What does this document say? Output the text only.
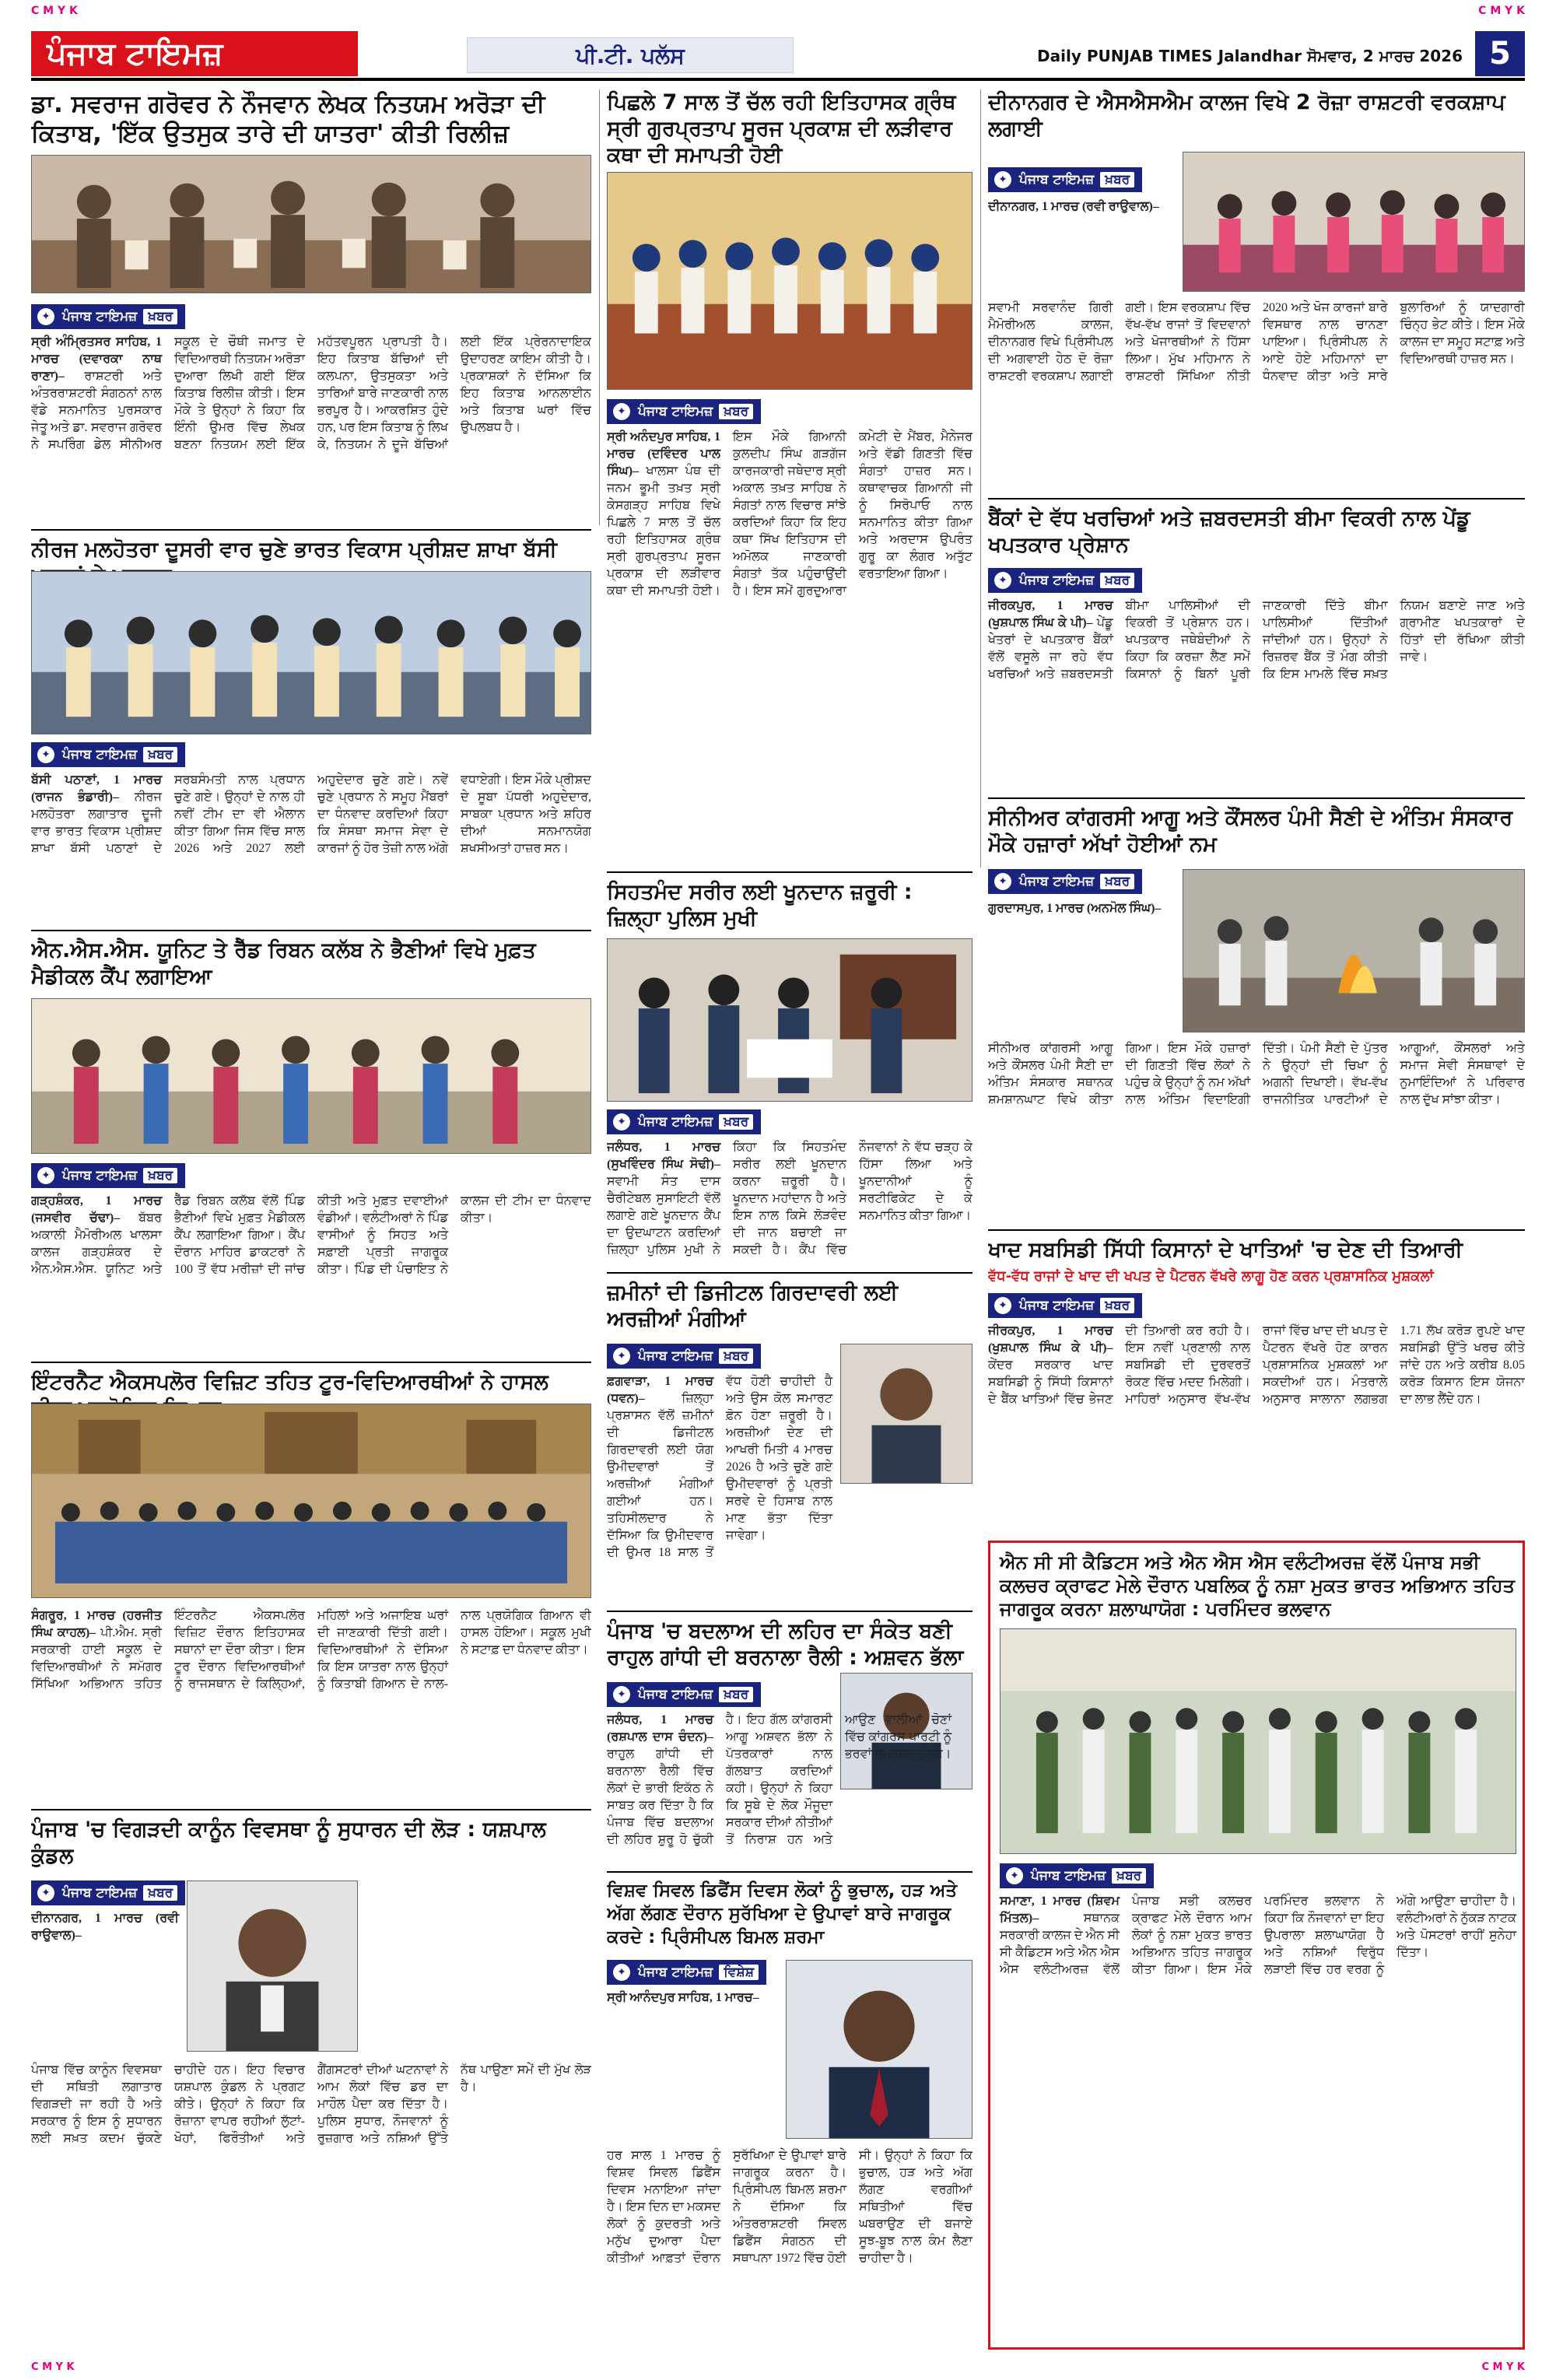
C M Y K	C M Y K
ਪੰਜਾਬ ਟਾਇਮਜ਼	ਪੀ.ਟੀ. ਪਲੱਸ	Daily PUNJAB TIMES Jalandhar ਸੋਮਵਾਰ, 2 ਮਾਰਚ 2026 5
ਡਾ. ਸਵਰਾਜ ਗਰੋਵਰ ਨੇ ਨੌਜਵਾਨ ਲੇਖਕ ਨਿਤਯਮ ਅਰੋੜਾ ਦੀ ਕਿਤਾਬ, 'ਇੱਕ ਉਤਸੁਕ ਤਾਰੇ ਦੀ ਯਾਤਰਾ' ਕੀਤੀ ਰਿਲੀਜ਼
✦ ਪੰਜਾਬ ਟਾਇਮਜ਼ ਖ਼ਬਰ

ਸ੍ਰੀ ਅੰਮ੍ਰਿਤਸਰ ਸਾਹਿਬ, 1 ਮਾਰਚ (ਦਵਾਰਕਾ ਨਾਥ ਰਾਣਾ)– ਰਾਸ਼ਟਰੀ ਅਤੇ ਅੰਤਰਰਾਸ਼ਟਰੀ ਸੰਗਠਨਾਂ ਨਾਲ ਵੱਡੇ ਸਨਮਾਨਿਤ ਪੁਰਸਕਾਰ ਜੇਤੂ ਅਤੇ ਡਾ. ਸਵਰਾਜ ਗਰੋਵਰ ਨੇ ਸਪਰਿੰਗ ਡੇਲ ਸੀਨੀਅਰ ਸਕੂਲ ਦੇ ਚੌਥੀ ਜਮਾਤ ਦੇ ਵਿਦਿਆਰਥੀ ਨਿਤਯਮ ਅਰੋੜਾ ਦੁਆਰਾ ਲਿਖੀ ਗਈ ਇੱਕ ਕਿਤਾਬ ਰਿਲੀਜ਼ ਕੀਤੀ। ਇਸ ਮੌਕੇ ਤੇ ਉਨ੍ਹਾਂ ਨੇ ਕਿਹਾ ਕਿ ਇੰਨੀ ਉਮਰ ਵਿੱਚ ਲੇਖਕ ਬਣਨਾ ਨਿਤਯਮ ਲਈ ਇੱਕ ਮਹੱਤਵਪੂਰਨ ਪ੍ਰਾਪਤੀ ਹੈ। ਇਹ ਕਿਤਾਬ ਬੱਚਿਆਂ ਦੀ ਕਲਪਨਾ, ਉਤਸੁਕਤਾ ਅਤੇ ਤਾਰਿਆਂ ਬਾਰੇ ਜਾਣਕਾਰੀ ਨਾਲ ਭਰਪੂਰ ਹੈ। ਆਕਰਸ਼ਿਤ ਹੁੰਦੇ ਹਨ, ਪਰ ਇਸ ਕਿਤਾਬ ਨੂੰ ਲਿਖ ਕੇ, ਨਿਤਯਮ ਨੇ ਦੂਜੇ ਬੱਚਿਆਂ ਲਈ ਇੱਕ ਪ੍ਰੇਰਨਾਦਾਇਕ ਉਦਾਹਰਣ ਕਾਇਮ ਕੀਤੀ ਹੈ। ਪ੍ਰਕਾਸ਼ਕਾਂ ਨੇ ਦੱਸਿਆ ਕਿ ਇਹ ਕਿਤਾਬ ਆਨਲਾਈਨ ਅਤੇ ਕਿਤਾਬ ਘਰਾਂ ਵਿੱਚ ਉਪਲਬਧ ਹੈ।

ਪਿਛਲੇ 7 ਸਾਲ ਤੋਂ ਚੱਲ ਰਹੀ ਇਤਿਹਾਸਕ ਗ੍ਰੰਥ ਸ੍ਰੀ ਗੁਰਪ੍ਰਤਾਪ ਸੂਰਜ ਪ੍ਰਕਾਸ਼ ਦੀ ਲੜੀਵਾਰ ਕਥਾ ਦੀ ਸਮਾਪਤੀ ਹੋਈ
✦ ਪੰਜਾਬ ਟਾਇਮਜ਼ ਖ਼ਬਰ

ਸ੍ਰੀ ਅਨੰਦਪੁਰ ਸਾਹਿਬ, 1 ਮਾਰਚ (ਦਵਿੰਦਰ ਪਾਲ ਸਿੰਘ)– ਖਾਲਸਾ ਪੰਥ ਦੀ ਜਨਮ ਭੂਮੀ ਤਖ਼ਤ ਸ੍ਰੀ ਕੇਸਗੜ੍ਹ ਸਾਹਿਬ ਵਿਖੇ ਪਿਛਲੇ 7 ਸਾਲ ਤੋਂ ਚੱਲ ਰਹੀ ਇਤਿਹਾਸਕ ਗ੍ਰੰਥ ਸ੍ਰੀ ਗੁਰਪ੍ਰਤਾਪ ਸੂਰਜ ਪ੍ਰਕਾਸ਼ ਦੀ ਲੜੀਵਾਰ ਕਥਾ ਦੀ ਸਮਾਪਤੀ ਹੋਈ। ਇਸ ਮੌਕੇ ਗਿਆਨੀ ਕੁਲਦੀਪ ਸਿੰਘ ਗੜਗੱਜ ਕਾਰਜਕਾਰੀ ਜਥੇਦਾਰ ਸ੍ਰੀ ਅਕਾਲ ਤਖ਼ਤ ਸਾਹਿਬ ਨੇ ਸੰਗਤਾਂ ਨਾਲ ਵਿਚਾਰ ਸਾਂਝੇ ਕਰਦਿਆਂ ਕਿਹਾ ਕਿ ਇਹ ਕਥਾ ਸਿੱਖ ਇਤਿਹਾਸ ਦੀ ਅਮੋਲਕ ਜਾਣਕਾਰੀ ਸੰਗਤਾਂ ਤੱਕ ਪਹੁੰਚਾਉਂਦੀ ਹੈ। ਇਸ ਸਮੇਂ ਗੁਰਦੁਆਰਾ ਕਮੇਟੀ ਦੇ ਮੈਂਬਰ, ਮੈਨੇਜਰ ਅਤੇ ਵੱਡੀ ਗਿਣਤੀ ਵਿੱਚ ਸੰਗਤਾਂ ਹਾਜ਼ਰ ਸਨ। ਕਥਾਵਾਚਕ ਗਿਆਨੀ ਜੀ ਨੂੰ ਸਿਰੋਪਾਓ ਨਾਲ ਸਨਮਾਨਿਤ ਕੀਤਾ ਗਿਆ ਅਤੇ ਅਰਦਾਸ ਉਪਰੰਤ ਗੁਰੂ ਕਾ ਲੰਗਰ ਅਤੁੱਟ ਵਰਤਾਇਆ ਗਿਆ।

ਦੀਨਾਨਗਰ ਦੇ ਐਸਐਸਐਮ ਕਾਲਜ ਵਿਖੇ 2 ਰੋਜ਼ਾ ਰਾਸ਼ਟਰੀ ਵਰਕਸ਼ਾਪ ਲਗਾਈ
✦ ਪੰਜਾਬ ਟਾਇਮਜ਼ ਖ਼ਬਰ

ਦੀਨਾਨਗਰ, 1 ਮਾਰਚ (ਰਵੀ ਰਾਉਵਾਲ)–

ਸਵਾਮੀ ਸਰਵਾਨੰਦ ਗਿਰੀ ਮੈਮੋਰੀਅਲ ਕਾਲਜ, ਦੀਨਾਨਗਰ ਵਿਖੇ ਪ੍ਰਿੰਸੀਪਲ ਦੀ ਅਗਵਾਈ ਹੇਠ ਦੋ ਰੋਜ਼ਾ ਰਾਸ਼ਟਰੀ ਵਰਕਸ਼ਾਪ ਲਗਾਈ ਗਈ। ਇਸ ਵਰਕਸ਼ਾਪ ਵਿੱਚ ਵੱਖ-ਵੱਖ ਰਾਜਾਂ ਤੋਂ ਵਿਦਵਾਨਾਂ ਅਤੇ ਖੋਜਾਰਥੀਆਂ ਨੇ ਹਿੱਸਾ ਲਿਆ। ਮੁੱਖ ਮਹਿਮਾਨ ਨੇ ਰਾਸ਼ਟਰੀ ਸਿੱਖਿਆ ਨੀਤੀ 2020 ਅਤੇ ਖੋਜ ਕਾਰਜਾਂ ਬਾਰੇ ਵਿਸਥਾਰ ਨਾਲ ਚਾਨਣਾ ਪਾਇਆ। ਪ੍ਰਿੰਸੀਪਲ ਨੇ ਆਏ ਹੋਏ ਮਹਿਮਾਨਾਂ ਦਾ ਧੰਨਵਾਦ ਕੀਤਾ ਅਤੇ ਸਾਰੇ ਬੁਲਾਰਿਆਂ ਨੂੰ ਯਾਦਗਾਰੀ ਚਿੰਨ੍ਹ ਭੇਟ ਕੀਤੇ। ਇਸ ਮੌਕੇ ਕਾਲਜ ਦਾ ਸਮੂਹ ਸਟਾਫ਼ ਅਤੇ ਵਿਦਿਆਰਥੀ ਹਾਜ਼ਰ ਸਨ।

ਨੀਰਜ ਮਲਹੋਤਰਾ ਦੂਸਰੀ ਵਾਰ ਚੁਣੇ ਭਾਰਤ ਵਿਕਾਸ ਪ੍ਰੀਸ਼ਦ ਸ਼ਾਖਾ ਬੱਸੀ
✦ ਪੰਜਾਬ ਟਾਇਮਜ਼ ਖ਼ਬਰ

ਬੱਸੀ ਪਠਾਣਾਂ, 1 ਮਾਰਚ (ਰਾਜਨ ਭੰਡਾਰੀ)– ਨੀਰਜ ਮਲਹੋਤਰਾ ਲਗਾਤਾਰ ਦੂਜੀ ਵਾਰ ਭਾਰਤ ਵਿਕਾਸ ਪ੍ਰੀਸ਼ਦ ਸ਼ਾਖਾ ਬੱਸੀ ਪਠਾਣਾਂ ਦੇ ਸਰਬਸੰਮਤੀ ਨਾਲ ਪ੍ਰਧਾਨ ਚੁਣੇ ਗਏ। ਉਨ੍ਹਾਂ ਦੇ ਨਾਲ ਹੀ ਨਵੀਂ ਟੀਮ ਦਾ ਵੀ ਐਲਾਨ ਕੀਤਾ ਗਿਆ ਜਿਸ ਵਿੱਚ ਸਾਲ 2026 ਅਤੇ 2027 ਲਈ ਅਹੁਦੇਦਾਰ ਚੁਣੇ ਗਏ। ਨਵੇਂ ਚੁਣੇ ਪ੍ਰਧਾਨ ਨੇ ਸਮੂਹ ਮੈਂਬਰਾਂ ਦਾ ਧੰਨਵਾਦ ਕਰਦਿਆਂ ਕਿਹਾ ਕਿ ਸੰਸਥਾ ਸਮਾਜ ਸੇਵਾ ਦੇ ਕਾਰਜਾਂ ਨੂੰ ਹੋਰ ਤੇਜ਼ੀ ਨਾਲ ਅੱਗੇ ਵਧਾਏਗੀ। ਇਸ ਮੌਕੇ ਪ੍ਰੀਸ਼ਦ ਦੇ ਸੂਬਾ ਪੱਧਰੀ ਅਹੁਦੇਦਾਰ, ਸਾਬਕਾ ਪ੍ਰਧਾਨ ਅਤੇ ਸ਼ਹਿਰ ਦੀਆਂ ਸਨਮਾਨਯੋਗ ਸ਼ਖਸੀਅਤਾਂ ਹਾਜ਼ਰ ਸਨ।

ਬੈਂਕਾਂ ਦੇ ਵੱਧ ਖਰਚਿਆਂ ਅਤੇ ਜ਼ਬਰਦਸਤੀ ਬੀਮਾ ਵਿਕਰੀ ਨਾਲ ਪੇਂਡੂ ਖਪਤਕਾਰ ਪ੍ਰੇਸ਼ਾਨ
✦ ਪੰਜਾਬ ਟਾਇਮਜ਼ ਖ਼ਬਰ

ਜੀਰਕਪੁਰ, 1 ਮਾਰਚ (ਖੁਸ਼ਪਾਲ ਸਿੰਘ ਕੇ ਪੀ)– ਪੇਂਡੂ ਖੇਤਰਾਂ ਦੇ ਖਪਤਕਾਰ ਬੈਂਕਾਂ ਵੱਲੋਂ ਵਸੂਲੇ ਜਾ ਰਹੇ ਵੱਧ ਖਰਚਿਆਂ ਅਤੇ ਜ਼ਬਰਦਸਤੀ ਬੀਮਾ ਪਾਲਿਸੀਆਂ ਦੀ ਵਿਕਰੀ ਤੋਂ ਪ੍ਰੇਸ਼ਾਨ ਹਨ। ਖਪਤਕਾਰ ਜਥੇਬੰਦੀਆਂ ਨੇ ਕਿਹਾ ਕਿ ਕਰਜ਼ਾ ਲੈਣ ਸਮੇਂ ਕਿਸਾਨਾਂ ਨੂੰ ਬਿਨਾਂ ਪੂਰੀ ਜਾਣਕਾਰੀ ਦਿੱਤੇ ਬੀਮਾ ਪਾਲਿਸੀਆਂ ਦਿੱਤੀਆਂ ਜਾਂਦੀਆਂ ਹਨ। ਉਨ੍ਹਾਂ ਨੇ ਰਿਜ਼ਰਵ ਬੈਂਕ ਤੋਂ ਮੰਗ ਕੀਤੀ ਕਿ ਇਸ ਮਾਮਲੇ ਵਿੱਚ ਸਖ਼ਤ ਨਿਯਮ ਬਣਾਏ ਜਾਣ ਅਤੇ ਗ੍ਰਾਮੀਣ ਖਪਤਕਾਰਾਂ ਦੇ ਹਿੱਤਾਂ ਦੀ ਰੱਖਿਆ ਕੀਤੀ ਜਾਵੇ।

ਸਿਹਤਮੰਦ ਸਰੀਰ ਲਈ ਖੂਨਦਾਨ ਜ਼ਰੂਰੀ : ਜ਼ਿਲ੍ਹਾ ਪੁਲਿਸ ਮੁਖੀ
✦ ਪੰਜਾਬ ਟਾਇਮਜ਼ ਖ਼ਬਰ

ਜਲੰਧਰ, 1 ਮਾਰਚ (ਸੁਖਵਿੰਦਰ ਸਿੰਘ ਸੋਢੀ)– ਸਵਾਮੀ ਸੰਤ ਦਾਸ ਚੈਰੀਟੇਬਲ ਸੁਸਾਇਟੀ ਵੱਲੋਂ ਲਗਾਏ ਗਏ ਖੂਨਦਾਨ ਕੈਂਪ ਦਾ ਉਦਘਾਟਨ ਕਰਦਿਆਂ ਜ਼ਿਲ੍ਹਾ ਪੁਲਿਸ ਮੁਖੀ ਨੇ ਕਿਹਾ ਕਿ ਸਿਹਤਮੰਦ ਸਰੀਰ ਲਈ ਖੂਨਦਾਨ ਕਰਨਾ ਜ਼ਰੂਰੀ ਹੈ। ਖੂਨਦਾਨ ਮਹਾਂਦਾਨ ਹੈ ਅਤੇ ਇਸ ਨਾਲ ਕਿਸੇ ਲੋੜਵੰਦ ਦੀ ਜਾਨ ਬਚਾਈ ਜਾ ਸਕਦੀ ਹੈ। ਕੈਂਪ ਵਿੱਚ ਨੌਜਵਾਨਾਂ ਨੇ ਵੱਧ ਚੜ੍ਹ ਕੇ ਹਿੱਸਾ ਲਿਆ ਅਤੇ ਖੂਨਦਾਨੀਆਂ ਨੂੰ ਸਰਟੀਫਿਕੇਟ ਦੇ ਕੇ ਸਨਮਾਨਿਤ ਕੀਤਾ ਗਿਆ।

ਸੀਨੀਅਰ ਕਾਂਗਰਸੀ ਆਗੂ ਅਤੇ ਕੌਂਸਲਰ ਪੰਮੀ ਸੈਣੀ ਦੇ ਅੰਤਿਮ ਸੰਸਕਾਰ ਮੌਕੇ ਹਜ਼ਾਰਾਂ ਅੱਖਾਂ ਹੋਈਆਂ ਨਮ
✦ ਪੰਜਾਬ ਟਾਇਮਜ਼ ਖ਼ਬਰ

ਗੁਰਦਾਸਪੁਰ, 1 ਮਾਰਚ (ਅਨਮੋਲ ਸਿੰਘ)–

ਸੀਨੀਅਰ ਕਾਂਗਰਸੀ ਆਗੂ ਅਤੇ ਕੌਂਸਲਰ ਪੰਮੀ ਸੈਣੀ ਦਾ ਅੰਤਿਮ ਸੰਸਕਾਰ ਸਥਾਨਕ ਸ਼ਮਸ਼ਾਨਘਾਟ ਵਿਖੇ ਕੀਤਾ ਗਿਆ। ਇਸ ਮੌਕੇ ਹਜ਼ਾਰਾਂ ਦੀ ਗਿਣਤੀ ਵਿੱਚ ਲੋਕਾਂ ਨੇ ਪਹੁੰਚ ਕੇ ਉਨ੍ਹਾਂ ਨੂੰ ਨਮ ਅੱਖਾਂ ਨਾਲ ਅੰਤਿਮ ਵਿਦਾਇਗੀ ਦਿੱਤੀ। ਪੰਮੀ ਸੈਣੀ ਦੇ ਪੁੱਤਰ ਨੇ ਉਨ੍ਹਾਂ ਦੀ ਚਿਖਾ ਨੂੰ ਅਗਨੀ ਦਿਖਾਈ। ਵੱਖ-ਵੱਖ ਰਾਜਨੀਤਿਕ ਪਾਰਟੀਆਂ ਦੇ ਆਗੂਆਂ, ਕੌਂਸਲਰਾਂ ਅਤੇ ਸਮਾਜ ਸੇਵੀ ਸੰਸਥਾਵਾਂ ਦੇ ਨੁਮਾਇੰਦਿਆਂ ਨੇ ਪਰਿਵਾਰ ਨਾਲ ਦੁੱਖ ਸਾਂਝਾ ਕੀਤਾ।

ਐਨ.ਐਸ.ਐਸ. ਯੂਨਿਟ ਤੇ ਰੈੱਡ ਰਿਬਨ ਕਲੱਬ ਨੇ ਭੈਣੀਆਂ ਵਿਖੇ ਮੁਫ਼ਤ ਮੈਡੀਕਲ ਕੈਂਪ ਲਗਾਇਆ
✦ ਪੰਜਾਬ ਟਾਇਮਜ਼ ਖ਼ਬਰ

ਗੜ੍ਹਸ਼ੰਕਰ, 1 ਮਾਰਚ (ਜਸਵੀਰ ਚੱਢਾ)– ਬੱਬਰ ਅਕਾਲੀ ਮੈਮੋਰੀਅਲ ਖਾਲਸਾ ਕਾਲਜ ਗੜ੍ਹਸ਼ੰਕਰ ਦੇ ਐਨ.ਐਸ.ਐਸ. ਯੂਨਿਟ ਅਤੇ ਰੈੱਡ ਰਿਬਨ ਕਲੱਬ ਵੱਲੋਂ ਪਿੰਡ ਭੈਣੀਆਂ ਵਿਖੇ ਮੁਫ਼ਤ ਮੈਡੀਕਲ ਕੈਂਪ ਲਗਾਇਆ ਗਿਆ। ਕੈਂਪ ਦੌਰਾਨ ਮਾਹਿਰ ਡਾਕਟਰਾਂ ਨੇ 100 ਤੋਂ ਵੱਧ ਮਰੀਜ਼ਾਂ ਦੀ ਜਾਂਚ ਕੀਤੀ ਅਤੇ ਮੁਫ਼ਤ ਦਵਾਈਆਂ ਵੰਡੀਆਂ। ਵਲੰਟੀਅਰਾਂ ਨੇ ਪਿੰਡ ਵਾਸੀਆਂ ਨੂੰ ਸਿਹਤ ਅਤੇ ਸਫ਼ਾਈ ਪ੍ਰਤੀ ਜਾਗਰੂਕ ਕੀਤਾ। ਪਿੰਡ ਦੀ ਪੰਚਾਇਤ ਨੇ ਕਾਲਜ ਦੀ ਟੀਮ ਦਾ ਧੰਨਵਾਦ ਕੀਤਾ।

ਜ਼ਮੀਨਾਂ ਦੀ ਡਿਜੀਟਲ ਗਿਰਦਾਵਰੀ ਲਈ ਅਰਜ਼ੀਆਂ ਮੰਗੀਆਂ
✦ ਪੰਜਾਬ ਟਾਇਮਜ਼ ਖ਼ਬਰ

ਫ਼ਗਵਾੜਾ, 1 ਮਾਰਚ (ਧਵਨ)–	ਜ਼ਿਲ੍ਹਾ ਪ੍ਰਸ਼ਾਸਨ ਵੱਲੋਂ ਜ਼ਮੀਨਾਂ ਦੀ ਡਿਜੀਟਲ ਗਿਰਦਾਵਰੀ ਲਈ ਯੋਗ ਉਮੀਦਵਾਰਾਂ ਤੋਂ ਅਰਜ਼ੀਆਂ ਮੰਗੀਆਂ ਗਈਆਂ ਹਨ। ਤਹਿਸੀਲਦਾਰ ਨੇ ਦੱਸਿਆ ਕਿ ਉਮੀਦਵਾਰ ਦੀ ਉਮਰ 18 ਸਾਲ ਤੋਂ ਵੱਧ ਹੋਣੀ ਚਾਹੀਦੀ ਹੈ ਅਤੇ ਉਸ ਕੋਲ ਸਮਾਰਟ ਫ਼ੋਨ ਹੋਣਾ ਜ਼ਰੂਰੀ ਹੈ। ਅਰਜ਼ੀਆਂ ਦੇਣ ਦੀ ਆਖਰੀ ਮਿਤੀ 4 ਮਾਰਚ 2026 ਹੈ ਅਤੇ ਚੁਣੇ ਗਏ ਉਮੀਦਵਾਰਾਂ ਨੂੰ ਪ੍ਰਤੀ ਸਰਵੇ ਦੇ ਹਿਸਾਬ ਨਾਲ ਮਾਣ ਭੱਤਾ ਦਿੱਤਾ ਜਾਵੇਗਾ।

ਇੰਟਰਨੈਟ ਐਕਸਪਲੋਰ ਵਿਜ਼ਿਟ ਤਹਿਤ ਟੂਰ-ਵਿਦਿਆਰਥੀਆਂ ਨੇ ਹਾਸਲ

ਸੰਗਰੂਰ, 1 ਮਾਰਚ (ਹਰਜੀਤ ਸਿੰਘ ਕਾਹਲ)– ਪੀ.ਐਮ. ਸ੍ਰੀ ਸਰਕਾਰੀ ਹਾਈ ਸਕੂਲ ਦੇ ਵਿਦਿਆਰਥੀਆਂ ਨੇ ਸਮੱਗਰ ਸਿੱਖਿਆ ਅਭਿਆਨ ਤਹਿਤ ਇੰਟਰਨੈਟ ਐਕਸਪਲੋਰ ਵਿਜ਼ਿਟ ਦੌਰਾਨ ਇਤਿਹਾਸਕ ਸਥਾਨਾਂ ਦਾ ਦੌਰਾ ਕੀਤਾ। ਇਸ ਟੂਰ ਦੌਰਾਨ ਵਿਦਿਆਰਥੀਆਂ ਨੂੰ ਰਾਜਸਥਾਨ ਦੇ ਕਿਲ੍ਹਿਆਂ, ਮਹਿਲਾਂ ਅਤੇ ਅਜਾਇਬ ਘਰਾਂ ਦੀ ਜਾਣਕਾਰੀ ਦਿੱਤੀ ਗਈ। ਵਿਦਿਆਰਥੀਆਂ ਨੇ ਦੱਸਿਆ ਕਿ ਇਸ ਯਾਤਰਾ ਨਾਲ ਉਨ੍ਹਾਂ ਨੂੰ ਕਿਤਾਬੀ ਗਿਆਨ ਦੇ ਨਾਲ-ਨਾਲ ਪ੍ਰਯੋਗਿਕ ਗਿਆਨ ਵੀ ਹਾਸਲ ਹੋਇਆ। ਸਕੂਲ ਮੁਖੀ ਨੇ ਸਟਾਫ਼ ਦਾ ਧੰਨਵਾਦ ਕੀਤਾ।

ਪੰਜਾਬ 'ਚ ਬਦਲਾਅ ਦੀ ਲਹਿਰ ਦਾ ਸੰਕੇਤ ਬਣੀ ਰਾਹੁਲ ਗਾਂਧੀ ਦੀ ਬਰਨਾਲਾ ਰੈਲੀ : ਅਸ਼ਵਨ ਭੱਲਾ
✦ ਪੰਜਾਬ ਟਾਇਮਜ਼ ਖ਼ਬਰ

ਜਲੰਧਰ, 1 ਮਾਰਚ (ਰਸ਼ਪਾਲ ਦਾਸ ਚੰਦਨ)– ਰਾਹੁਲ ਗਾਂਧੀ ਦੀ ਬਰਨਾਲਾ ਰੈਲੀ ਵਿੱਚ ਲੋਕਾਂ ਦੇ ਭਾਰੀ ਇਕੱਠ ਨੇ ਸਾਬਤ ਕਰ ਦਿੱਤਾ ਹੈ ਕਿ ਪੰਜਾਬ ਵਿੱਚ ਬਦਲਾਅ ਦੀ ਲਹਿਰ ਸ਼ੁਰੂ ਹੋ ਚੁੱਕੀ ਹੈ। ਇਹ ਗੱਲ ਕਾਂਗਰਸੀ ਆਗੂ ਅਸ਼ਵਨ ਭੱਲਾ ਨੇ ਪੱਤਰਕਾਰਾਂ ਨਾਲ ਗੱਲਬਾਤ ਕਰਦਿਆਂ ਕਹੀ। ਉਨ੍ਹਾਂ ਨੇ ਕਿਹਾ ਕਿ ਸੂਬੇ ਦੇ ਲੋਕ ਮੌਜੂਦਾ ਸਰਕਾਰ ਦੀਆਂ ਨੀਤੀਆਂ ਤੋਂ ਨਿਰਾਸ਼ ਹਨ ਅਤੇ ਆਉਣ ਵਾਲੀਆਂ ਚੋਣਾਂ ਵਿੱਚ ਕਾਂਗਰਸ ਪਾਰਟੀ ਨੂੰ ਭਰਵਾਂ ਸਮਰਥਨ ਦੇਣਗੇ।

ਖਾਦ ਸਬਸਿਡੀ ਸਿੱਧੀ ਕਿਸਾਨਾਂ ਦੇ ਖਾਤਿਆਂ 'ਚ ਦੇਣ ਦੀ ਤਿਆਰੀ
ਵੱਧ-ਵੱਧ ਰਾਜਾਂ ਦੇ ਖਾਦ ਦੀ ਖਪਤ ਦੇ ਪੈਟਰਨ ਵੱਖਰੇ ਲਾਗੂ ਹੋਣ ਕਰਨ ਪ੍ਰਸ਼ਾਸਨਿਕ ਮੁਸ਼ਕਲਾਂ
✦ ਪੰਜਾਬ ਟਾਇਮਜ਼ ਖ਼ਬਰ

ਜੀਰਕਪੁਰ, 1 ਮਾਰਚ (ਖੁਸ਼ਪਾਲ ਸਿੰਘ ਕੇ ਪੀ)– ਕੇਂਦਰ ਸਰਕਾਰ ਖਾਦ ਸਬਸਿਡੀ ਨੂੰ ਸਿੱਧੀ ਕਿਸਾਨਾਂ ਦੇ ਬੈਂਕ ਖਾਤਿਆਂ ਵਿੱਚ ਭੇਜਣ ਦੀ ਤਿਆਰੀ ਕਰ ਰਹੀ ਹੈ। ਇਸ ਨਵੀਂ ਪ੍ਰਣਾਲੀ ਨਾਲ ਸਬਸਿਡੀ ਦੀ ਦੁਰਵਰਤੋਂ ਰੋਕਣ ਵਿੱਚ ਮਦਦ ਮਿਲੇਗੀ। ਮਾਹਿਰਾਂ ਅਨੁਸਾਰ ਵੱਖ-ਵੱਖ ਰਾਜਾਂ ਵਿੱਚ ਖਾਦ ਦੀ ਖਪਤ ਦੇ ਪੈਟਰਨ ਵੱਖਰੇ ਹੋਣ ਕਾਰਨ ਪ੍ਰਸ਼ਾਸਨਿਕ ਮੁਸ਼ਕਲਾਂ ਆ ਸਕਦੀਆਂ ਹਨ। ਮੰਤਰਾਲੇ ਅਨੁਸਾਰ ਸਾਲਾਨਾ ਲਗਭਗ 1.71 ਲੱਖ ਕਰੋੜ ਰੁਪਏ ਖਾਦ ਸਬਸਿਡੀ ਉੱਤੇ ਖਰਚ ਕੀਤੇ ਜਾਂਦੇ ਹਨ ਅਤੇ ਕਰੀਬ 8.05 ਕਰੋੜ ਕਿਸਾਨ ਇਸ ਯੋਜਨਾ ਦਾ ਲਾਭ ਲੈਂਦੇ ਹਨ।

ਐਨ ਸੀ ਸੀ ਕੈਡਿਟਸ ਅਤੇ ਐਨ ਐਸ ਐਸ ਵਲੰਟੀਅਰਜ਼ ਵੱਲੋਂ ਪੰਜਾਬ ਸਭੀ ਕਲਚਰ ਕ੍ਰਾਫਟ ਮੇਲੇ ਦੌਰਾਨ ਪਬਲਿਕ ਨੂੰ ਨਸ਼ਾ ਮੁਕਤ ਭਾਰਤ ਅਭਿਆਨ ਤਹਿਤ ਜਾਗਰੂਕ ਕਰਨਾ ਸ਼ਲਾਘਾਯੋਗ : ਪਰਮਿੰਦਰ ਭਲਵਾਨ
✦ ਪੰਜਾਬ ਟਾਇਮਜ਼ ਖ਼ਬਰ

ਸਮਾਣਾ, 1 ਮਾਰਚ (ਸ਼ਿਵਮ ਮਿੱਤਲ)–	ਸਥਾਨਕ ਸਰਕਾਰੀ ਕਾਲਜ ਦੇ ਐਨ ਸੀ ਸੀ ਕੈਡਿਟਸ ਅਤੇ ਐਨ ਐਸ ਐਸ ਵਲੰਟੀਅਰਜ਼ ਵੱਲੋਂ ਪੰਜਾਬ ਸਭੀ ਕਲਚਰ ਕ੍ਰਾਫਟ ਮੇਲੇ ਦੌਰਾਨ ਆਮ ਲੋਕਾਂ ਨੂੰ ਨਸ਼ਾ ਮੁਕਤ ਭਾਰਤ ਅਭਿਆਨ ਤਹਿਤ ਜਾਗਰੂਕ ਕੀਤਾ ਗਿਆ। ਇਸ ਮੌਕੇ ਪਰਮਿੰਦਰ ਭਲਵਾਨ ਨੇ ਕਿਹਾ ਕਿ ਨੌਜਵਾਨਾਂ ਦਾ ਇਹ ਉਪਰਾਲਾ ਸ਼ਲਾਘਾਯੋਗ ਹੈ ਅਤੇ ਨਸ਼ਿਆਂ ਵਿਰੁੱਧ ਲੜਾਈ ਵਿੱਚ ਹਰ ਵਰਗ ਨੂੰ ਅੱਗੇ ਆਉਣਾ ਚਾਹੀਦਾ ਹੈ। ਵਲੰਟੀਅਰਾਂ ਨੇ ਨੁੱਕੜ ਨਾਟਕ ਅਤੇ ਪੋਸਟਰਾਂ ਰਾਹੀਂ ਸੁਨੇਹਾ ਦਿੱਤਾ।

ਪੰਜਾਬ 'ਚ ਵਿਗੜਦੀ ਕਾਨੂੰਨ ਵਿਵਸਥਾ ਨੂੰ ਸੁਧਾਰਨ ਦੀ ਲੋੜ : ਯਸ਼ਪਾਲ ਕੁੰਡਲ
✦ ਪੰਜਾਬ ਟਾਇਮਜ਼ ਖ਼ਬਰ

ਦੀਨਾਨਗਰ, 1 ਮਾਰਚ (ਰਵੀ ਰਾਉਵਾਲ)–

ਪੰਜਾਬ ਵਿੱਚ ਕਾਨੂੰਨ ਵਿਵਸਥਾ ਦੀ ਸਥਿਤੀ ਲਗਾਤਾਰ ਵਿਗੜਦੀ ਜਾ ਰਹੀ ਹੈ ਅਤੇ ਸਰਕਾਰ ਨੂੰ ਇਸ ਨੂੰ ਸੁਧਾਰਨ ਲਈ ਸਖ਼ਤ ਕਦਮ ਚੁੱਕਣੇ ਚਾਹੀਦੇ ਹਨ। ਇਹ ਵਿਚਾਰ ਯਸ਼ਪਾਲ ਕੁੰਡਲ ਨੇ ਪ੍ਰਗਟ ਕੀਤੇ। ਉਨ੍ਹਾਂ ਨੇ ਕਿਹਾ ਕਿ ਰੋਜ਼ਾਨਾ ਵਾਪਰ ਰਹੀਆਂ ਲੁੱਟਾਂ-ਖੋਹਾਂ, ਫਿਰੌਤੀਆਂ ਅਤੇ ਗੈਂਗਸਟਰਾਂ ਦੀਆਂ ਘਟਨਾਵਾਂ ਨੇ ਆਮ ਲੋਕਾਂ ਵਿੱਚ ਡਰ ਦਾ ਮਾਹੌਲ ਪੈਦਾ ਕਰ ਦਿੱਤਾ ਹੈ। ਪੁਲਿਸ ਸੁਧਾਰ, ਨੌਜਵਾਨਾਂ ਨੂੰ ਰੁਜ਼ਗਾਰ ਅਤੇ ਨਸ਼ਿਆਂ ਉੱਤੇ ਨੱਥ ਪਾਉਣਾ ਸਮੇਂ ਦੀ ਮੁੱਖ ਲੋੜ ਹੈ।

ਵਿਸ਼ਵ ਸਿਵਲ ਡਿਫੈਂਸ ਦਿਵਸ ਲੋਕਾਂ ਨੂੰ ਭੁਚਾਲ, ਹੜ ਅਤੇ ਅੱਗ ਲੱਗਣ ਦੌਰਾਨ ਸੁਰੱਖਿਆ ਦੇ ਉਪਾਵਾਂ ਬਾਰੇ ਜਾਗਰੂਕ ਕਰਦੇ : ਪ੍ਰਿੰਸੀਪਲ ਬਿਮਲ ਸ਼ਰਮਾ
✦ ਪੰਜਾਬ ਟਾਇਮਜ਼ ਵਿਸ਼ੇਸ਼

ਸ੍ਰੀ ਆਨੰਦਪੁਰ ਸਾਹਿਬ, 1 ਮਾਰਚ–

ਹਰ ਸਾਲ 1 ਮਾਰਚ ਨੂੰ ਵਿਸ਼ਵ ਸਿਵਲ ਡਿਫੈਂਸ ਦਿਵਸ ਮਨਾਇਆ ਜਾਂਦਾ ਹੈ। ਇਸ ਦਿਨ ਦਾ ਮਕਸਦ ਲੋਕਾਂ ਨੂੰ ਕੁਦਰਤੀ ਅਤੇ ਮਨੁੱਖ ਦੁਆਰਾ ਪੈਦਾ ਕੀਤੀਆਂ ਆਫ਼ਤਾਂ ਦੌਰਾਨ ਸੁਰੱਖਿਆ ਦੇ ਉਪਾਵਾਂ ਬਾਰੇ ਜਾਗਰੂਕ ਕਰਨਾ ਹੈ। ਪ੍ਰਿੰਸੀਪਲ ਬਿਮਲ ਸ਼ਰਮਾ ਨੇ ਦੱਸਿਆ ਕਿ ਅੰਤਰਰਾਸ਼ਟਰੀ ਸਿਵਲ ਡਿਫੈਂਸ ਸੰਗਠਨ ਦੀ ਸਥਾਪਨਾ 1972 ਵਿੱਚ ਹੋਈ ਸੀ। ਉਨ੍ਹਾਂ ਨੇ ਕਿਹਾ ਕਿ ਭੁਚਾਲ, ਹੜ ਅਤੇ ਅੱਗ ਲੱਗਣ ਵਰਗੀਆਂ ਸਥਿਤੀਆਂ ਵਿੱਚ ਘਬਰਾਉਣ ਦੀ ਬਜਾਏ ਸੂਝ-ਬੂਝ ਨਾਲ ਕੰਮ ਲੈਣਾ ਚਾਹੀਦਾ ਹੈ।

C M Y K	C M Y K
